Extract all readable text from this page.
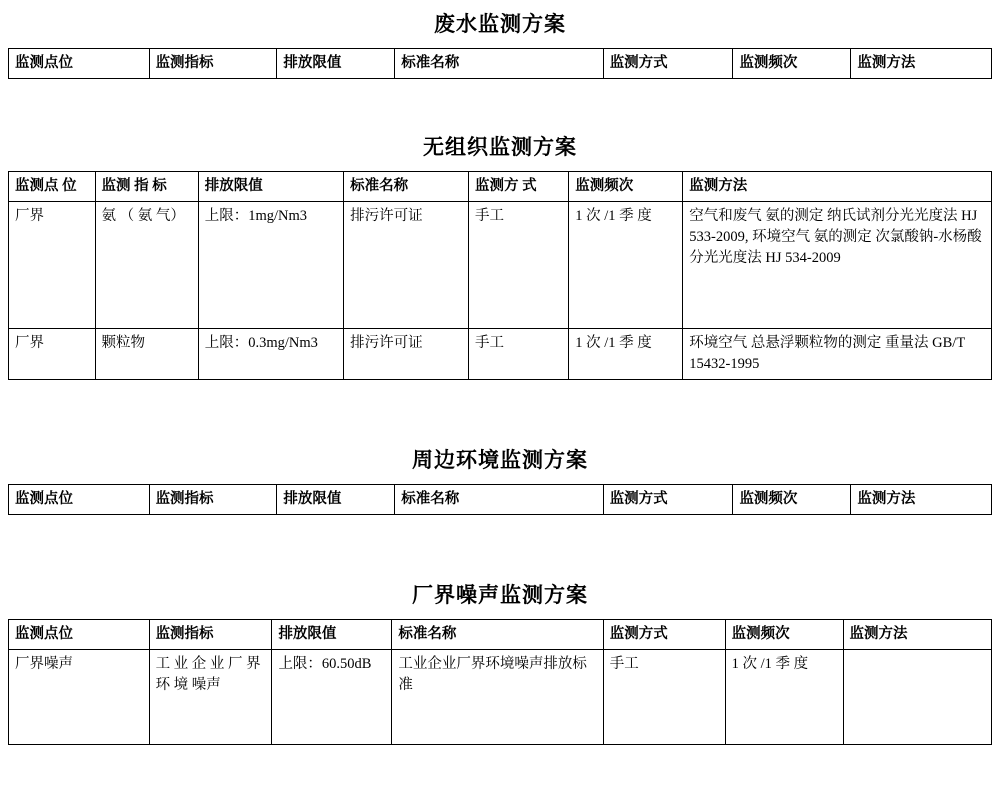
废水监测方案
监测点位	监测指标	排放限值	标准名称	监测方式	监测频次	监测方法
无组织监测方案
监测点 位	监测 指 标	排放限值	标准名称	监测方 式	监测频次	监测方法
厂界	氨 （ 氨 气）	上限：1mg/Nm3	排污许可证	手工	1 次 /1 季 度	空气和废气 氨的测定 纳氏试剂分光光度法 HJ 533-2009, 环境空气 氨的测定 次氯酸钠-水杨酸分光光度法 HJ 534-2009
厂界	颗粒物	上限：0.3mg/Nm3	排污许可证	手工	1 次 /1 季 度	环境空气 总悬浮颗粒物的测定 重量法 GB/T 15432-1995
周边环境监测方案
监测点位	监测指标	排放限值	标准名称	监测方式	监测频次	监测方法
厂界噪声监测方案
监测点位	监测指标	排放限值	标准名称	监测方式	监测频次	监测方法
厂界噪声	工 业 企 业 厂 界 环 境 噪声	上限：60.50dB	工业企业厂界环境噪声排放标准	手工	1 次 /1 季 度	
